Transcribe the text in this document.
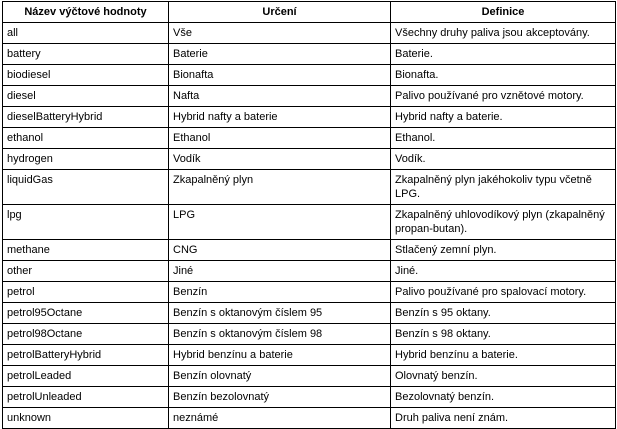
Název výčtové hodnoty	Určení	Definice
all	Vše	Všechny druhy paliva jsou akceptovány.
battery	Baterie	Baterie.
biodiesel	Bionafta	Bionafta.
diesel	Nafta	Palivo používané pro vznětové motory.
dieselBatteryHybrid	Hybrid nafty a baterie	Hybrid nafty a baterie.
ethanol	Ethanol	Ethanol.
hydrogen	Vodík	Vodík.
liquidGas	Zkapalněný plyn	Zkapalněný plyn jakéhokoliv typu včetně LPG.
lpg	LPG	Zkapalněný uhlovodíkový plyn (zkapalněný propan-butan).
methane	CNG	Stlačený zemní plyn.
other	Jiné	Jiné.
petrol	Benzín	Palivo používané pro spalovací motory.
petrol95Octane	Benzín s oktanovým číslem 95	Benzín s 95 oktany.
petrol98Octane	Benzín s oktanovým číslem 98	Benzín s 98 oktany.
petrolBatteryHybrid	Hybrid benzínu a baterie	Hybrid benzínu a baterie.
petrolLeaded	Benzín olovnatý	Olovnatý benzín.
petrolUnleaded	Benzín bezolovnatý	Bezolovnatý benzín.
unknown	neznámé	Druh paliva není znám.
